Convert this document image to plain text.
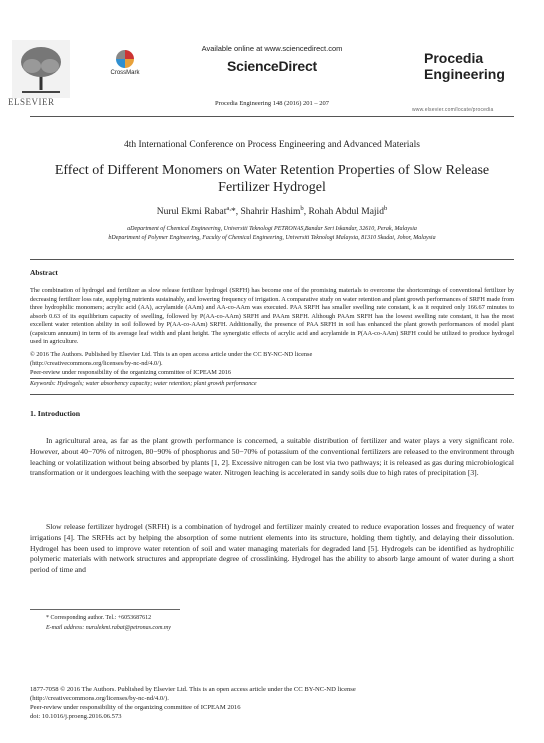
ELSEVIER
CrossMark
Available online at www.sciencedirect.com
ScienceDirect
Procedia Engineering 148 (2016) 201 – 207
Procedia
Engineering
www.elsevier.com/locate/procedia
4th International Conference on Process Engineering and Advanced Materials
Effect of Different Monomers on Water Retention Properties of Slow Release Fertilizer Hydrogel
Nurul Ekmi Rabat$^{a,}$*, Shahrir Hashim$^b$, Rohah Abdul Majid$^b$
aDepartment of Chemical Engineering, Universiti Teknologi PETRONAS,Bandar Seri Iskandar, 32610, Perak, Malaysia
bDepartment of Polymer Engineering, Faculty of Chemical Engineering, Universiti Teknologi Malaysia, 81310 Skudai, Johor, Malaysia
Abstract
The combination of hydrogel and fertilizer as slow release fertilizer hydrogel (SRFH) has become one of the promising materials to overcome the shortcomings of conventional fertilizer by decreasing fertilizer loss rate, supplying nutrients sustainably, and lowering frequency of irrigation. A comparative study on water retention and plant growth performances of SRFH made from three hydrophilic monomers; acrylic acid (AA), acrylamide (AAm) and AA-co-AAm was executed. PAA SRFH has smaller swelling rate constant, k as it required only 166.67 minutes to absorb 0.63 of its equilibrium capacity of swelling, followed by P(AA-co-AAm) SRFH and PAAm SRFH. Although PAAm SRFH has the lowest swelling rate constant, it has the most excellent water retention ability in soil followed by P(AA-co-AAm) SRFH. Additionally, the presence of PAA SRFH in soil has enhanced the plant growth performances of model plant (capsicum annuum) in term of its average leaf width and plant height. The synergistic effects of acrylic acid and acrylamide in P(AA-co-AAm) SRFH could be utilized to produce hydrogel used in agriculture.
© 2016 The Authors. Published by Elsevier Ltd. This is an open access article under the CC BY-NC-ND license
(http://creativecommons.org/licenses/by-nc-nd/4.0/).
Peer-review under responsibility of the organizing committee of ICPEAM 2016
Keywords: Hydrogels; water absorbency capacity; water retention; plant growth performance
1. Introduction
In agricultural area, as far as the plant growth performance is concerned, a suitable distribution of fertilizer and water plays a very significant role. However, about 40−70% of nitrogen, 80−90% of phosphorus and 50−70% of potassium of the conventional fertilizers are released to the environment through leaching or volatilization without being absorbed by plants [1, 2]. Excessive nitrogen can be lost via two pathways; it is released as gas during microbiological transformation or it undergoes leaching with the seepage water. Nitrogen leaching is accelerated in sandy soils due to high rates of precipitation [3].
Slow release fertilizer hydrogel (SRFH) is a combination of hydrogel and fertilizer mainly created to reduce evaporation losses and frequency of water irrigations [4]. The SRFHs act by helping the absorption of some nutrient elements into its structure, holding them tightly, and delaying their dissolution. Hydrogel has been used to improve water retention of soil and water managing materials for degraded land [5]. Hydrogels can be identified as hydrophilic polymeric materials with network structures and appropriate degree of crosslinking. Hydrogel has the ability to absorb large amount of water during a short period of time and
* Corresponding author. Tel.: +6053687612
E-mail address: nurulekmi.rabat@petronas.com.my
1877-7058 © 2016 The Authors. Published by Elsevier Ltd. This is an open access article under the CC BY-NC-ND license
(http://creativecommons.org/licenses/by-nc-nd/4.0/).
Peer-review under responsibility of the organizing committee of ICPEAM 2016
doi: 10.1016/j.proeng.2016.06.573
